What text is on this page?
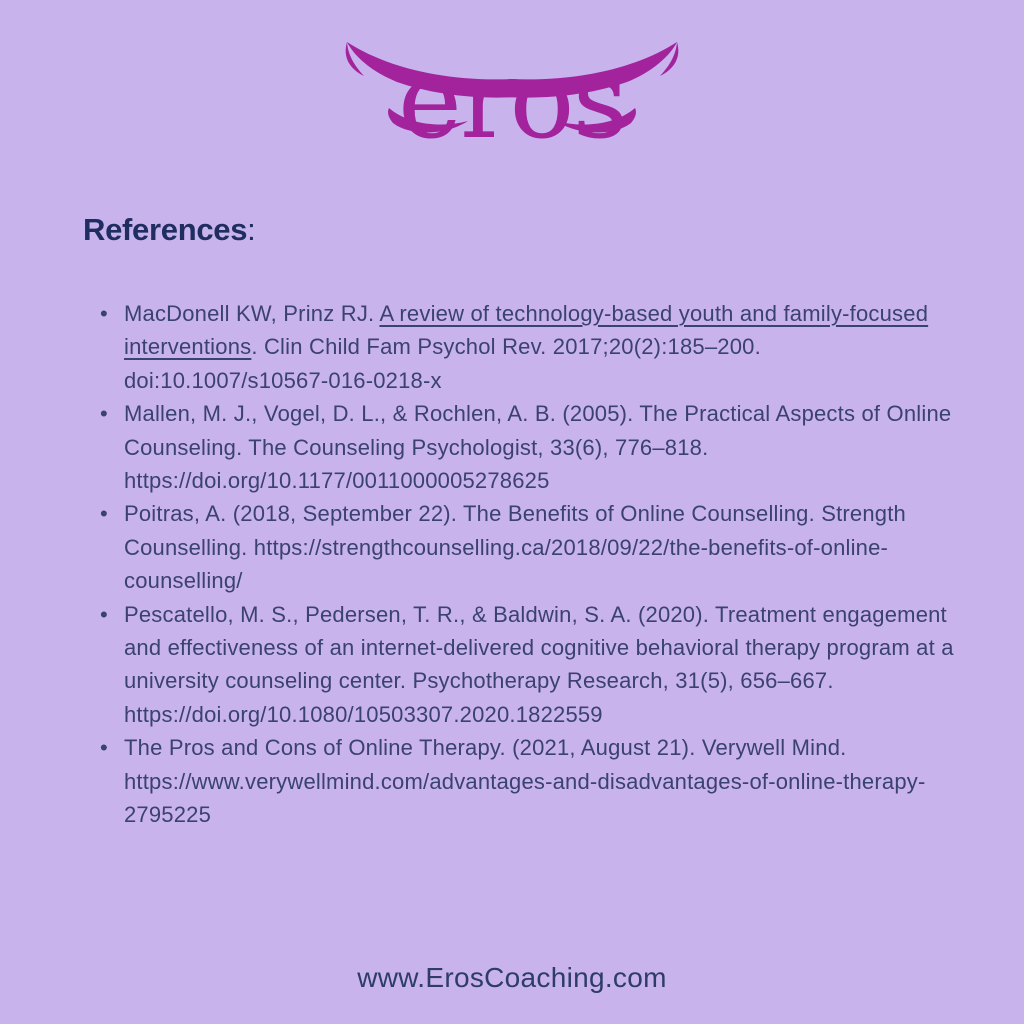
eros
References:
• MacDonell KW, Prinz RJ. A review of technology-based youth and family-focused interventions. Clin Child Fam Psychol Rev. 2017;20(2):185–200. doi:10.1007/s10567-016-0218-x
• Mallen, M. J., Vogel, D. L., & Rochlen, A. B. (2005). The Practical Aspects of Online Counseling. The Counseling Psychologist, 33(6), 776–818. https://doi.org/10.1177/0011000005278625
• Poitras, A. (2018, September 22). The Benefits of Online Counselling. Strength Counselling. https://strengthcounselling.ca/2018/09/22/the-benefits-of-online-counselling/
• Pescatello, M. S., Pedersen, T. R., & Baldwin, S. A. (2020). Treatment engagement and effectiveness of an internet-delivered cognitive behavioral therapy program at a university counseling center. Psychotherapy Research, 31(5), 656–667. https://doi.org/10.1080/10503307.2020.1822559
• The Pros and Cons of Online Therapy. (2021, August 21). Verywell Mind. https://www.verywellmind.com/advantages-and-disadvantages-of-online-therapy-2795225
www.ErosCoaching.com
